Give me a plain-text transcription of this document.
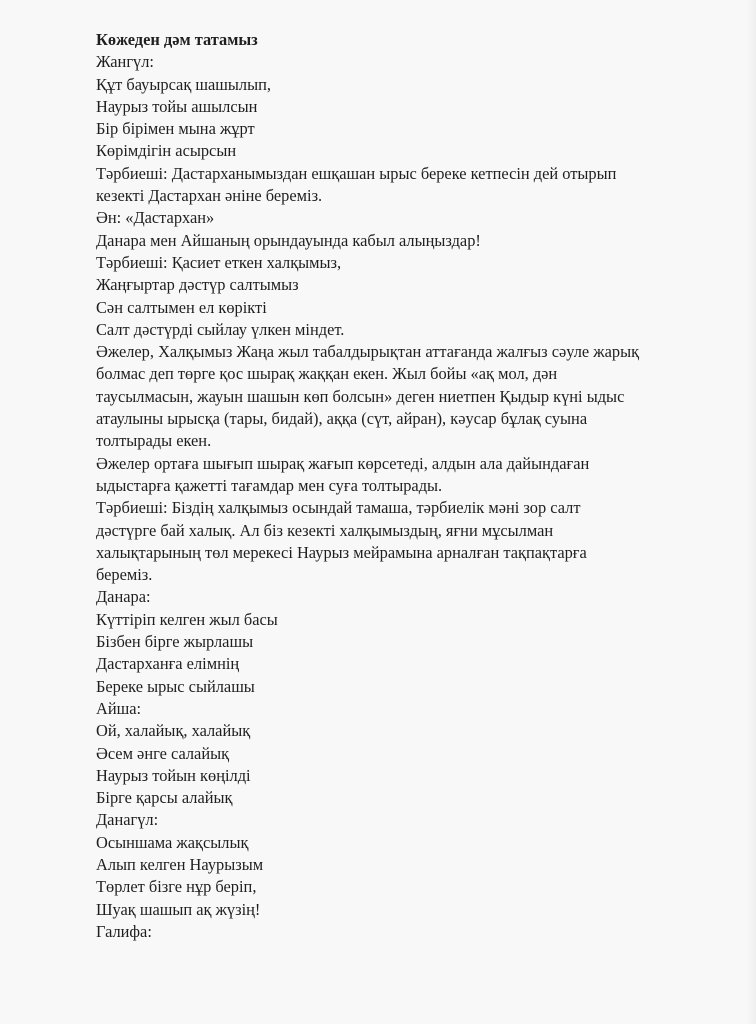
Көжеден дәм татамыз
Жангүл:
Құт бауырсақ шашылып,
Наурыз тойы ашылсын
Бір бірімен мына жұрт
Көрімдігін асырсын
Тәрбиеші: Дастарханымыздан ешқашан ырыс береке кетпесін дей отырып
кезекті Дастархан әніне береміз.
Ән: «Дастархан»
Данара мен Айшаның орындауында кабыл алыңыздар!
Тәрбиеші: Қасиет еткен халқымыз,
Жаңғыртар дәстүр салтымыз
Сән салтымен ел көрікті
Салт дәстүрді сыйлау үлкен міндет.
Әжелер, Халқымыз Жаңа жыл табалдырықтан аттағанда жалғыз сәуле жарық
болмас деп төрге қос шырақ жаққан екен. Жыл бойы «ақ мол, дән
таусылмасын, жауын шашын көп болсын» деген ниетпен Қыдыр күні ыдыс
атаулыны ырысқа (тары, бидай), аққа (сүт, айран), кәусар бұлақ суына
толтырады екен.
Әжелер ортаға шығып шырақ жағып көрсетеді, алдын ала дайындаған
ыдыстарға қажетті тағамдар мен суға толтырады.
Тәрбиеші: Біздің халқымыз осындай тамаша, тәрбиелік мәні зор салт
дәстүрге бай халық. Ал біз кезекті халқымыздың, яғни мұсылман
халықтарының төл мерекесі Наурыз мейрамына арналған тақпақтарға
береміз.
Данара:
Күттіріп келген жыл басы
Бізбен бірге жырлашы
Дастарханға елімнің
Береке ырыс сыйлашы
Айша:
Ой, халайық, халайық
Әсем әнге салайық
Наурыз тойын көңілді
Бірге қарсы алайық
Данагүл:
Осыншама жақсылық
Алып келген Наурызым
Төрлет бізге нұр беріп,
Шуақ шашып ақ жүзің!
Галифа:
